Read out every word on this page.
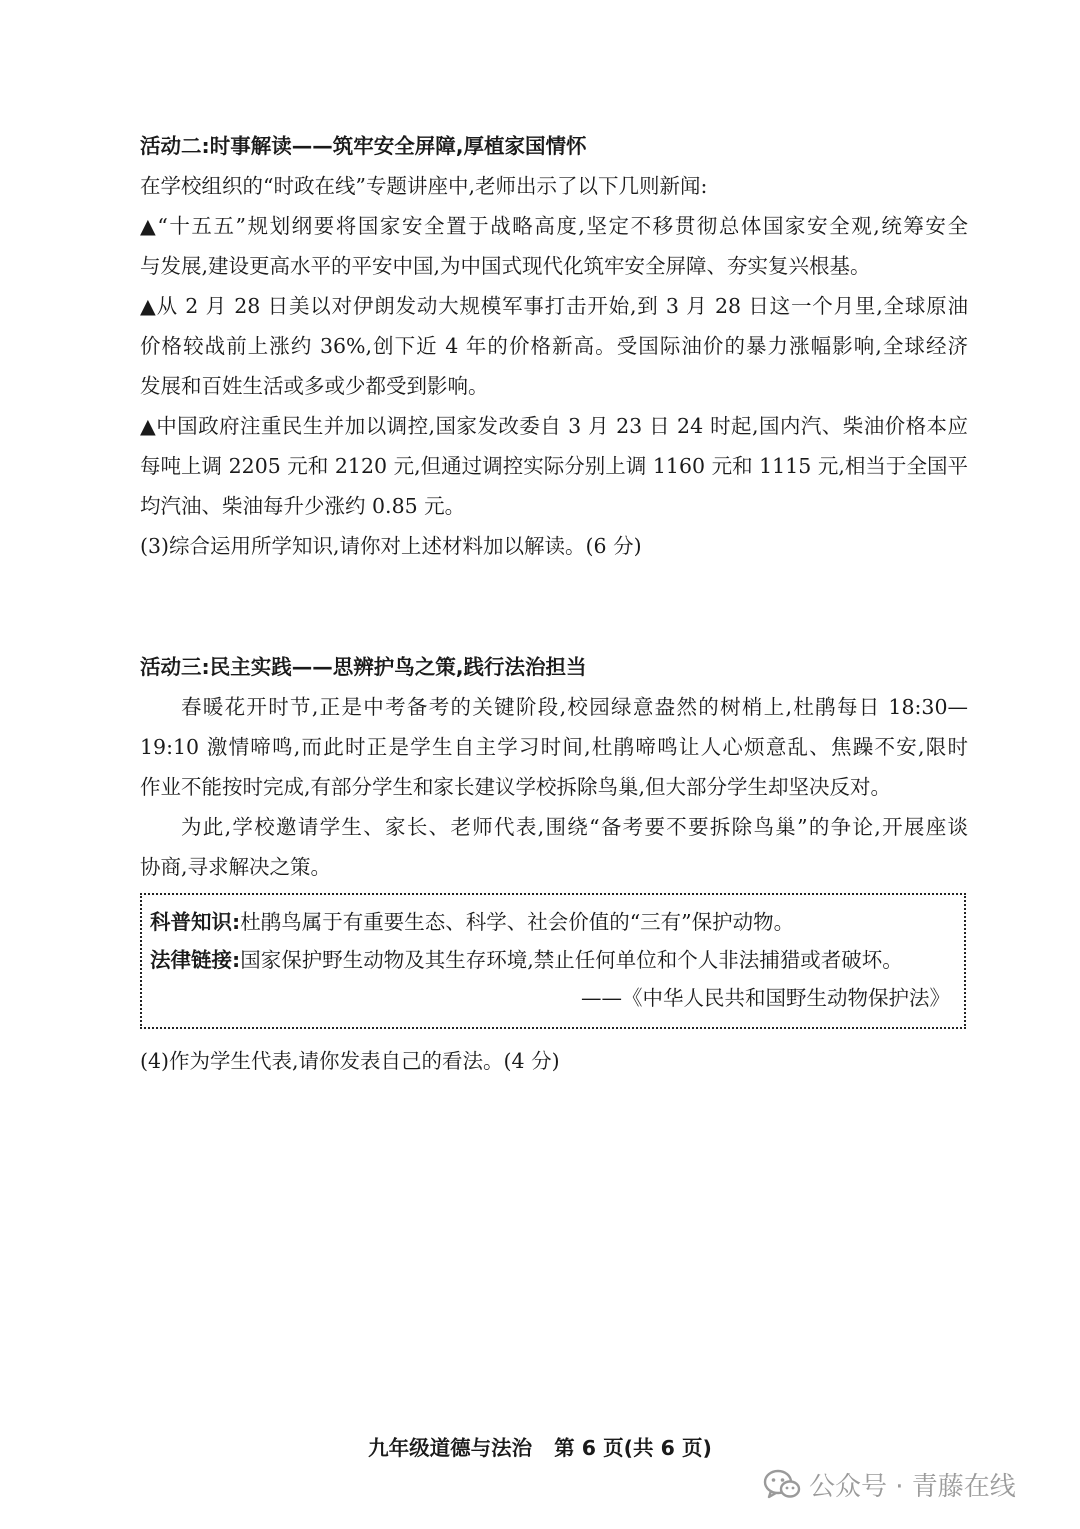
活动二:时事解读——筑牢安全屏障,厚植家国情怀
在学校组织的“时政在线”专题讲座中,老师出示了以下几则新闻:
▲“十五五”规划纲要将国家安全置于战略高度,坚定不移贯彻总体国家安全观,统筹安全
与发展,建设更高水平的平安中国,为中国式现代化筑牢安全屏障、夯实复兴根基。
▲从 2 月 28 日美以对伊朗发动大规模军事打击开始,到 3 月 28 日这一个月里,全球原油
价格较战前上涨约 36%,创下近 4 年的价格新高。受国际油价的暴力涨幅影响,全球经济
发展和百姓生活或多或少都受到影响。
▲中国政府注重民生并加以调控,国家发改委自 3 月 23 日 24 时起,国内汽、柴油价格本应
每吨上调 2205 元和 2120 元,但通过调控实际分别上调 1160 元和 1115 元,相当于全国平
均汽油、柴油每升少涨约 0.85 元。
(3)综合运用所学知识,请你对上述材料加以解读。(6 分)
活动三:民主实践——思辨护鸟之策,践行法治担当
春暖花开时节,正是中考备考的关键阶段,校园绿意盎然的树梢上,杜鹃每日 18:30—
19:10 激情啼鸣,而此时正是学生自主学习时间,杜鹃啼鸣让人心烦意乱、焦躁不安,限时
作业不能按时完成,有部分学生和家长建议学校拆除鸟巢,但大部分学生却坚决反对。
为此,学校邀请学生、家长、老师代表,围绕“备考要不要拆除鸟巢”的争论,开展座谈
协商,寻求解决之策。
科普知识:杜鹃鸟属于有重要生态、科学、社会价值的“三有”保护动物。
法律链接:国家保护野生动物及其生存环境,禁止任何单位和个人非法捕猎或者破坏。
——《中华人民共和国野生动物保护法》
(4)作为学生代表,请你发表自己的看法。(4 分)
九年级道德与法治 第 6 页(共 6 页)
公众号 · 青藤在线
